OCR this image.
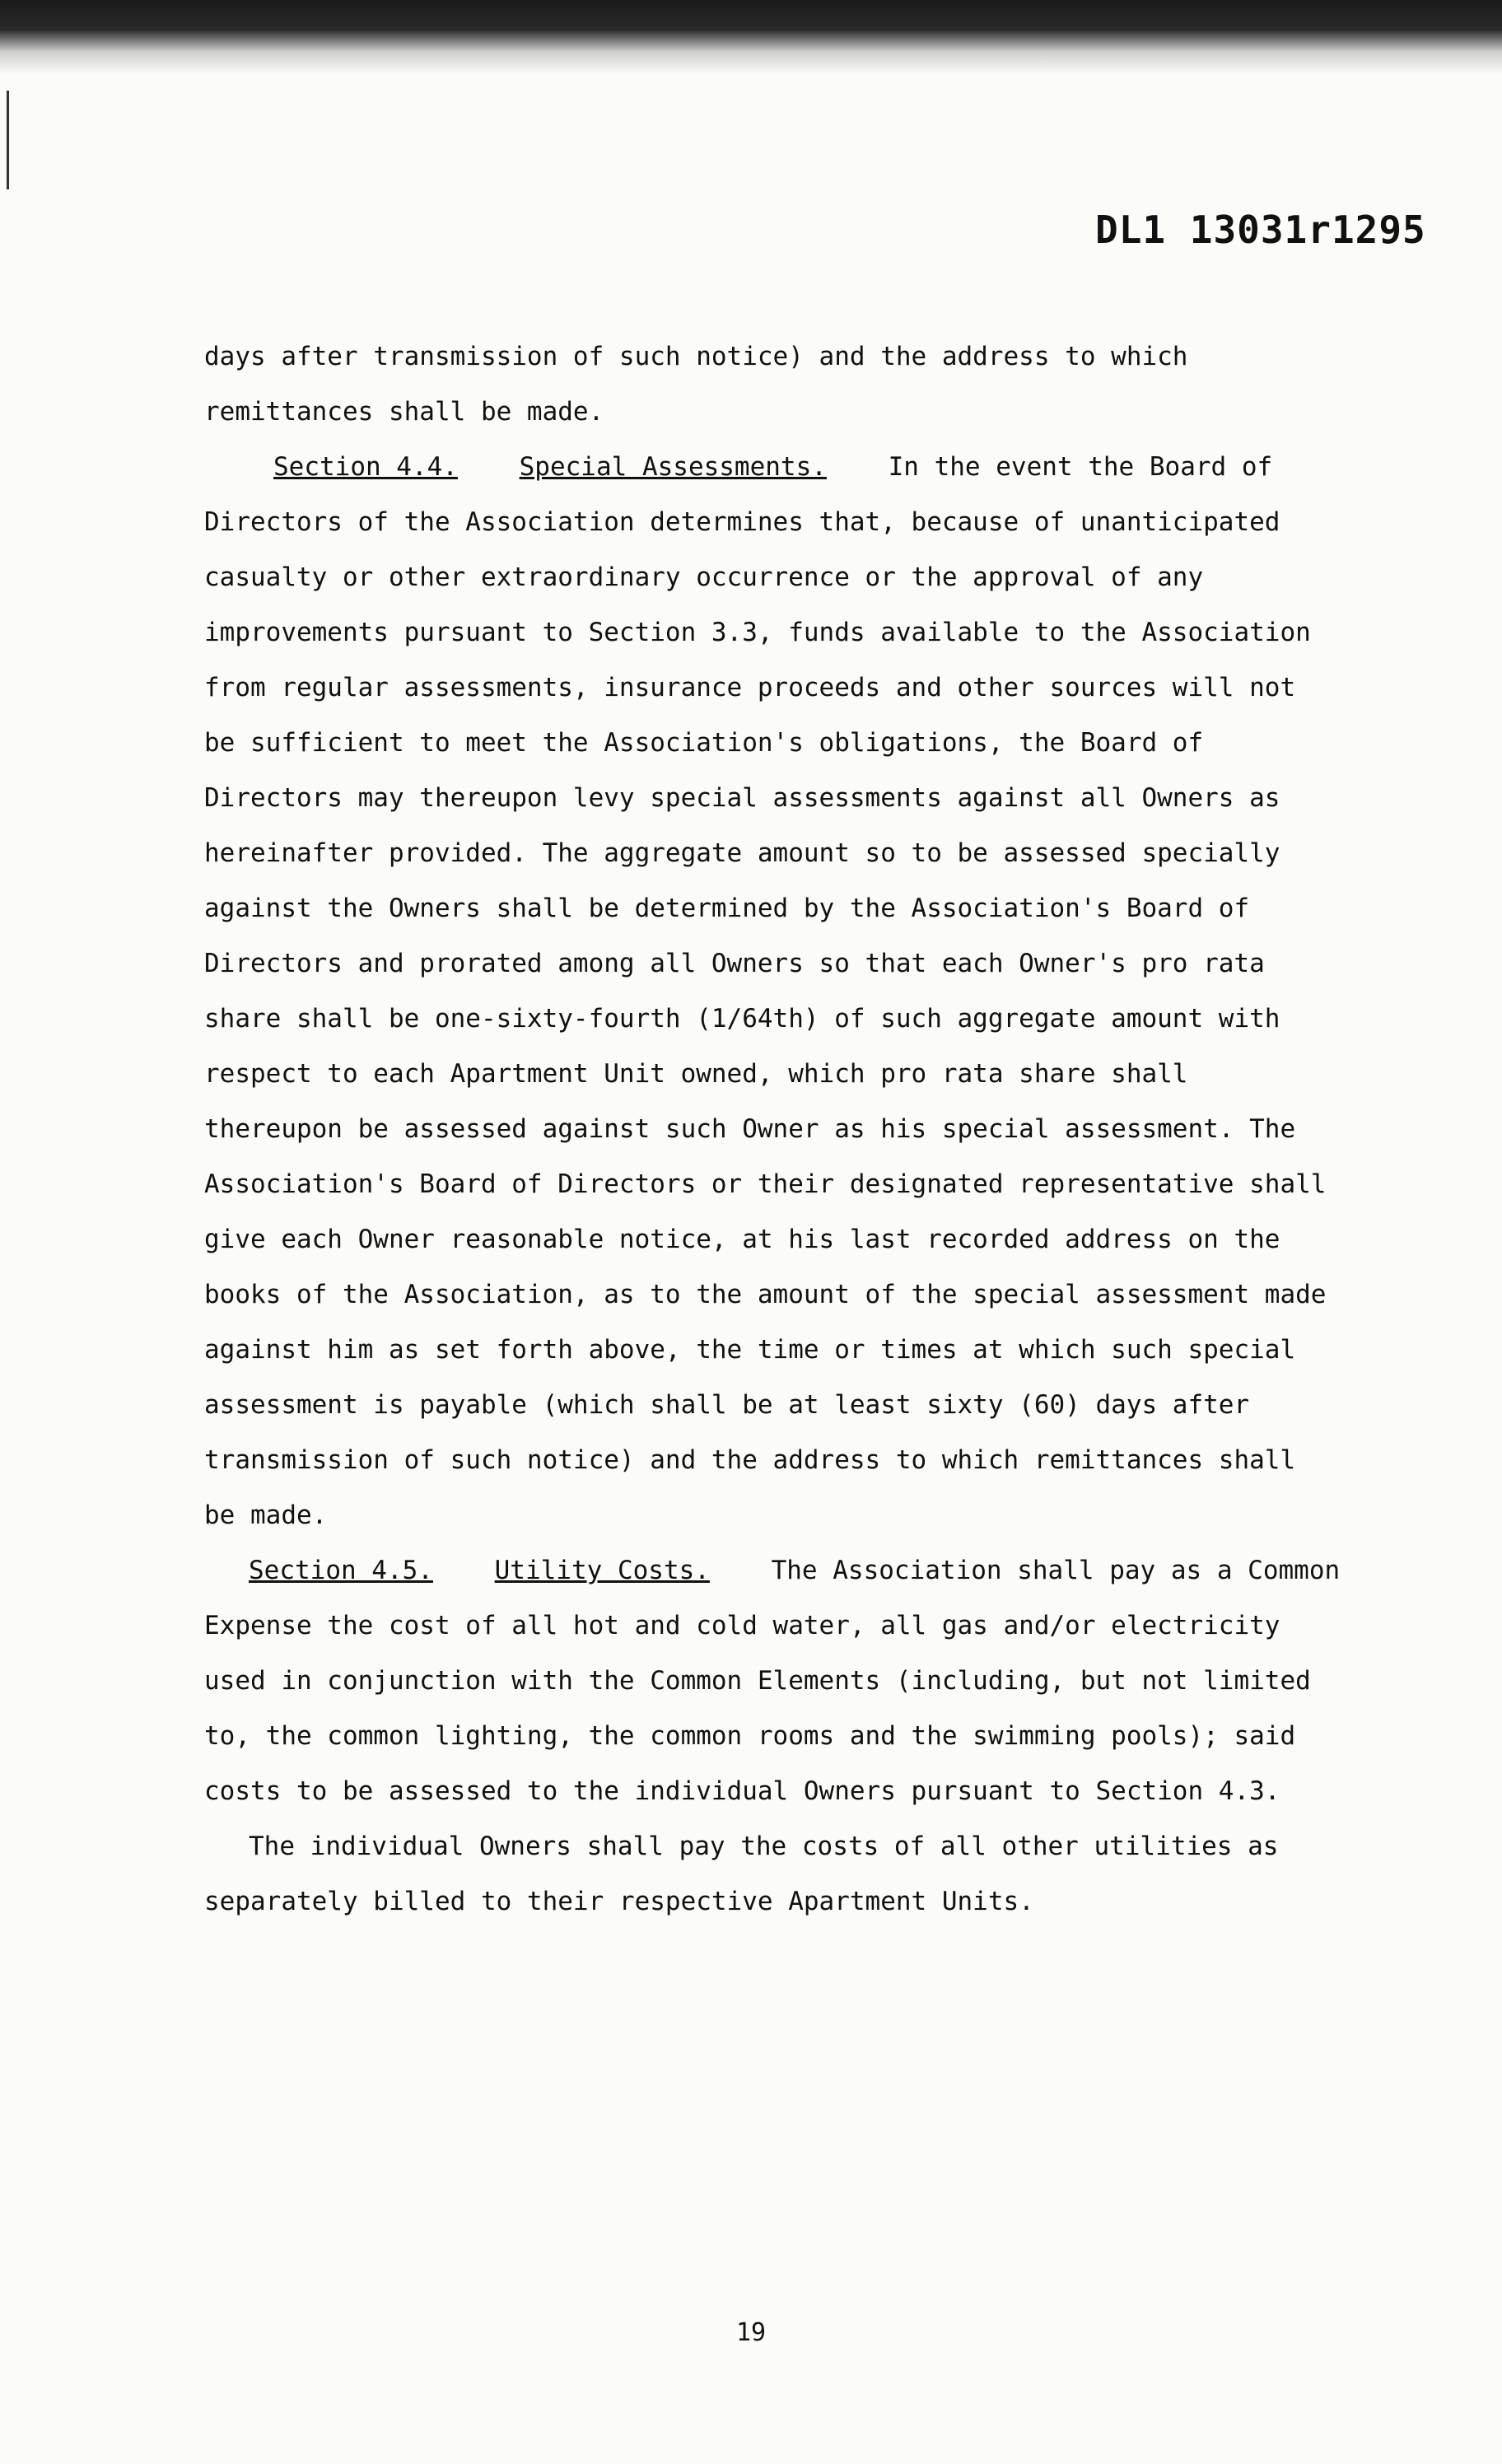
DL1 13031r1295

days after transmission of such notice) and the address to which remittances shall be made.

Section 4.4. Special Assessments. In the event the Board of Directors of the Association determines that, because of unanticipated casualty or other extraordinary occurrence or the approval of any improvements pursuant to Section 3.3, funds available to the Association from regular assessments, insurance proceeds and other sources will not be sufficient to meet the Association's obligations, the Board of Directors may thereupon levy special assessments against all Owners as hereinafter provided. The aggregate amount so to be assessed specially against the Owners shall be determined by the Association's Board of Directors and prorated among all Owners so that each Owner's pro rata share shall be one-sixty-fourth (1/64th) of such aggregate amount with respect to each Apartment Unit owned, which pro rata share shall thereupon be assessed against such Owner as his special assessment. The Association's Board of Directors or their designated representative shall give each Owner reasonable notice, at his last recorded address on the books of the Association, as to the amount of the special assessment made against him as set forth above, the time or times at which such special assessment is payable (which shall be at least sixty (60) days after transmission of such notice) and the address to which remittances shall be made.

Section 4.5. Utility Costs. The Association shall pay as a Common Expense the cost of all hot and cold water, all gas and/or electricity used in conjunction with the Common Elements (including, but not limited to, the common lighting, the common rooms and the swimming pools); said costs to be assessed to the individual Owners pursuant to Section 4.3.

The individual Owners shall pay the costs of all other utilities as separately billed to their respective Apartment Units.

19
